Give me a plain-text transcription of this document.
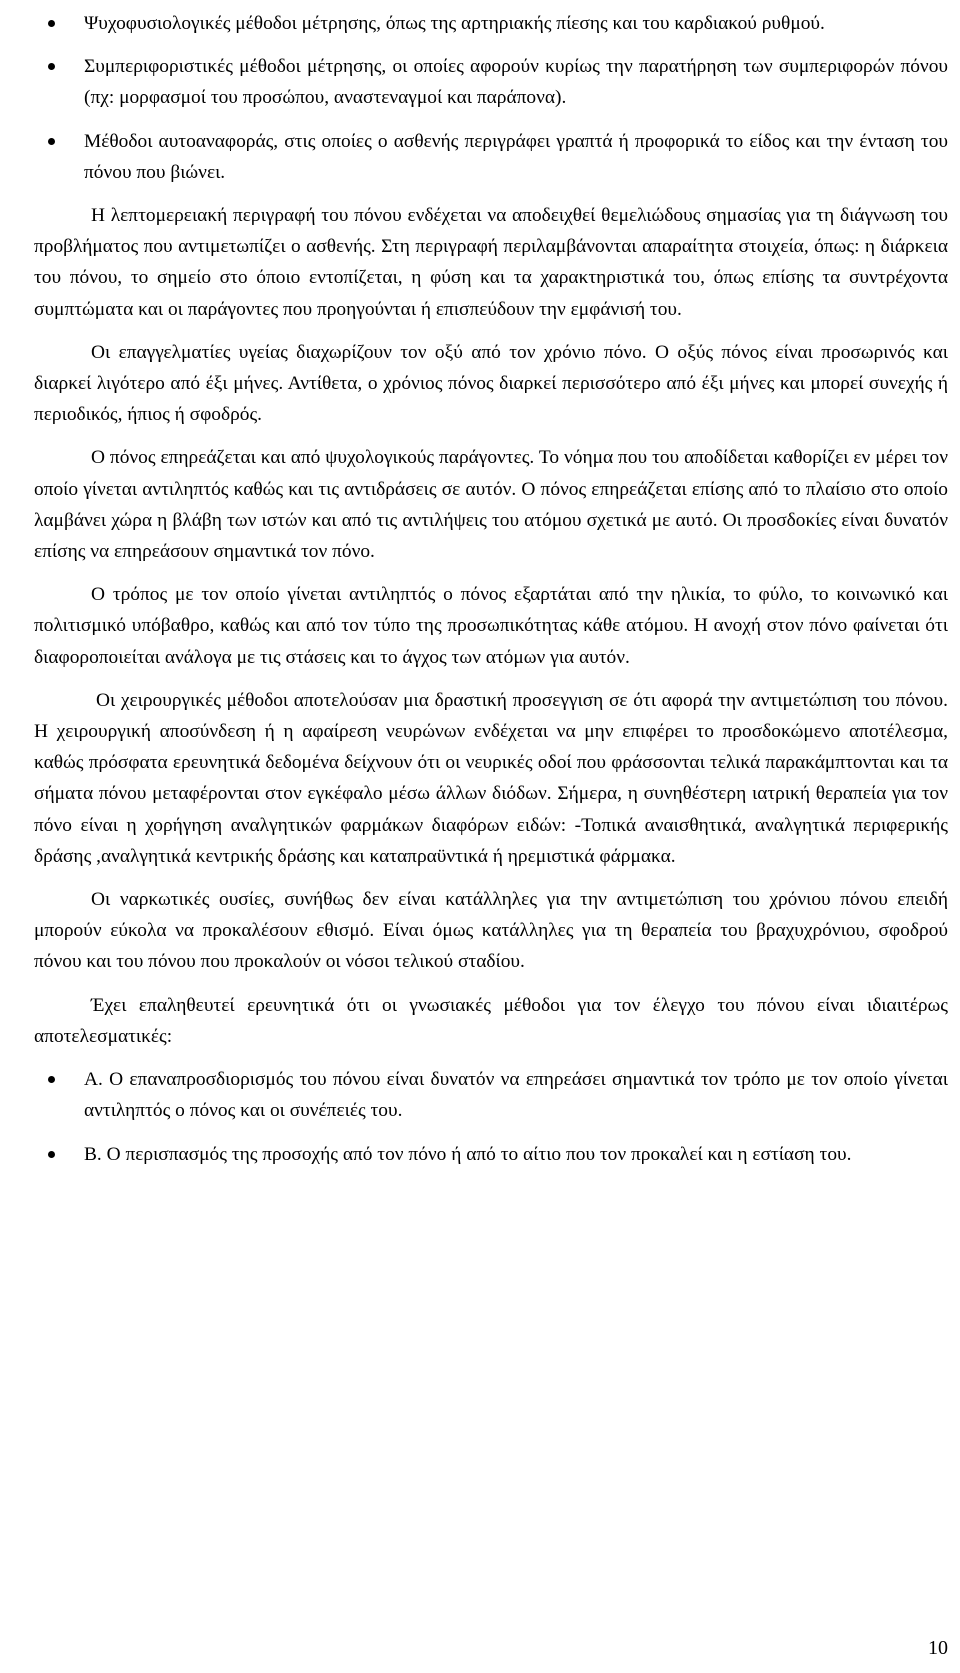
Ψυχοφυσιολογικές μέθοδοι μέτρησης, όπως της αρτηριακής πίεσης και του καρδιακού ρυθμού.
Συμπεριφοριστικές μέθοδοι μέτρησης, οι οποίες αφορούν κυρίως την παρατήρηση των συμπεριφορών πόνου (πχ: μορφασμοί του προσώπου, αναστεναγμοί και παράπονα).
Μέθοδοι αυτοαναφοράς, στις οποίες ο ασθενής περιγράφει γραπτά ή προφορικά το είδος και την ένταση του πόνου που βιώνει.

Η λεπτομερειακή περιγραφή του πόνου ενδέχεται να αποδειχθεί θεμελιώδους σημασίας για τη διάγνωση του προβλήματος που αντιμετωπίζει ο ασθενής. Στη περιγραφή περιλαμβάνονται απαραίτητα στοιχεία, όπως: η διάρκεια του πόνου, το σημείο στο όποιο εντοπίζεται, η φύση και τα χαρακτηριστικά του, όπως επίσης τα συντρέχοντα συμπτώματα και οι παράγοντες που προηγούνται ή επισπεύδουν την εμφάνισή του.

Οι επαγγελματίες υγείας διαχωρίζουν τον οξύ από τον χρόνιο πόνο. Ο οξύς πόνος είναι προσωρινός και διαρκεί λιγότερο από έξι μήνες. Αντίθετα, ο χρόνιος πόνος διαρκεί περισσότερο από έξι μήνες και μπορεί συνεχής ή περιοδικός, ήπιος ή σφοδρός.

Ο πόνος επηρεάζεται και από ψυχολογικούς παράγοντες. Το νόημα που του αποδίδεται καθορίζει εν μέρει τον οποίο γίνεται αντιληπτός καθώς και τις αντιδράσεις σε αυτόν. Ο πόνος επηρεάζεται επίσης από το πλαίσιο στο οποίο λαμβάνει χώρα η βλάβη των ιστών και από τις αντιλήψεις του ατόμου σχετικά με αυτό. Οι προσδοκίες είναι δυνατόν επίσης να επηρεάσουν σημαντικά τον πόνο.

Ο τρόπος με τον οποίο γίνεται αντιληπτός ο πόνος εξαρτάται από την ηλικία, το φύλο, το κοινωνικό και πολιτισμικό υπόβαθρο, καθώς και από τον τύπο της προσωπικότητας κάθε ατόμου. Η ανοχή στον πόνο φαίνεται ότι διαφοροποιείται ανάλογα με τις στάσεις και το άγχος των ατόμων για αυτόν.

Οι χειρουργικές μέθοδοι αποτελούσαν μια δραστική προσεγγιση σε ότι αφορά την αντιμετώπιση του πόνου. Η χειρουργική αποσύνδεση ή η αφαίρεση νευρώνων ενδέχεται να μην επιφέρει το προσδοκώμενο αποτέλεσμα, καθώς πρόσφατα ερευνητικά δεδομένα δείχνουν ότι οι νευρικές οδοί που φράσσονται τελικά παρακάμπτονται και τα σήματα πόνου μεταφέρονται στον εγκέφαλο μέσω άλλων διόδων. Σήμερα, η συνηθέστερη ιατρική θεραπεία για τον πόνο είναι η χορήγηση αναλγητικών φαρμάκων διαφόρων ειδών: -Τοπικά αναισθητικά, αναλγητικά περιφερικής δράσης ,αναλγητικά κεντρικής δράσης και καταπραϋντικά ή ηρεμιστικά φάρμακα.

Οι ναρκωτικές ουσίες, συνήθως δεν είναι κατάλληλες για την αντιμετώπιση του χρόνιου πόνου επειδή μπορούν εύκολα να προκαλέσουν εθισμό. Είναι όμως κατάλληλες για τη θεραπεία του βραχυχρόνιου, σφοδρού πόνου και του πόνου που προκαλούν οι νόσοι τελικού σταδίου.

Έχει επαληθευτεί ερευνητικά ότι οι γνωσιακές μέθοδοι για τον έλεγχο του πόνου είναι ιδιαιτέρως αποτελεσματικές:

Α. Ο επαναπροσδιορισμός του πόνου είναι δυνατόν να επηρεάσει σημαντικά τον τρόπο με τον οποίο γίνεται αντιληπτός ο πόνος και οι συνέπειές του.
Β. Ο περισπασμός της προσοχής από τον πόνο ή από το αίτιο που τον προκαλεί και η εστίαση του.
10
